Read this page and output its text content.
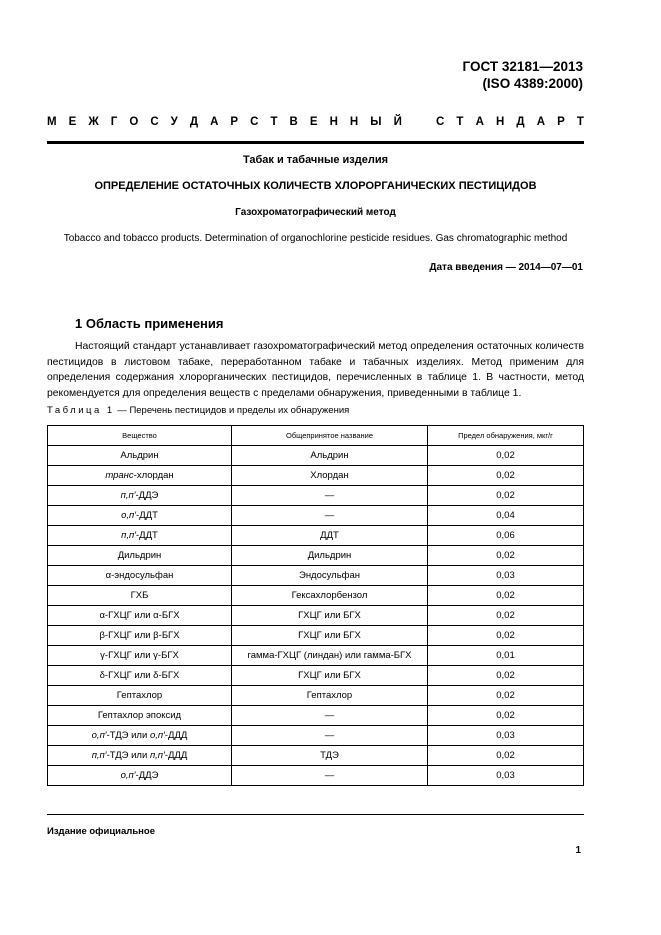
ГОСТ 32181—2013
(ISO 4389:2000)
М Е Ж Г О С У Д А Р С Т В Е Н Н Ы Й	С Т А Н Д А Р Т
Табак и табачные изделия
ОПРЕДЕЛЕНИЕ ОСТАТОЧНЫХ КОЛИЧЕСТВ ХЛОРОРГАНИЧЕСКИХ ПЕСТИЦИДОВ
Газохроматографический метод
Tobacco and tobacco products. Determination of organochlorine pesticide residues. Gas chromatographic method
Дата введения — 2014—07—01
1 Область применения
Настоящий стандарт устанавливает газохроматографический метод определения остаточных количеств пестицидов в листовом табаке, переработанном табаке и табачных изделиях. Метод применим для определения содержания хлорорганических пестицидов, перечисленных в таблице 1. В частности, метод рекомендуется для определения веществ с пределами обнаружения, приведенными в таблице 1.
Таблица 1 — Перечень пестицидов и пределы их обнаружения
Вещество	Общепринятое название	Предел обнаружения, мкг/г
Альдрин	Альдрин	0,02
транс-хлордан	Хлордан	0,02
п,п′-ДДЭ	—	0,02
о,п′-ДДТ	—	0,04
п,п′-ДДТ	ДДТ	0,06
Дильдрин	Дильдрин	0,02
α-эндосульфан	Эндосульфан	0,03
ГХБ	Гексахлорбензол	0,02
α-ГХЦГ или α-БГХ	ГХЦГ или БГХ	0,02
β-ГХЦГ или β-БГХ	ГХЦГ или БГХ	0,02
γ-ГХЦГ или γ-БГХ	гамма-ГХЦГ (линдан) или гамма-БГХ	0,01
δ-ГХЦГ или δ-БГХ	ГХЦГ или БГХ	0,02
Гептахлор	Гептахлор	0,02
Гептахлор эпоксид	—	0,02
о,п′-ТДЭ или о,п′-ДДД	—	0,03
п,п′-ТДЭ или п,п′-ДДД	ТДЭ	0,02
о,п′-ДДЭ	—	0,03
Издание официальное
1
